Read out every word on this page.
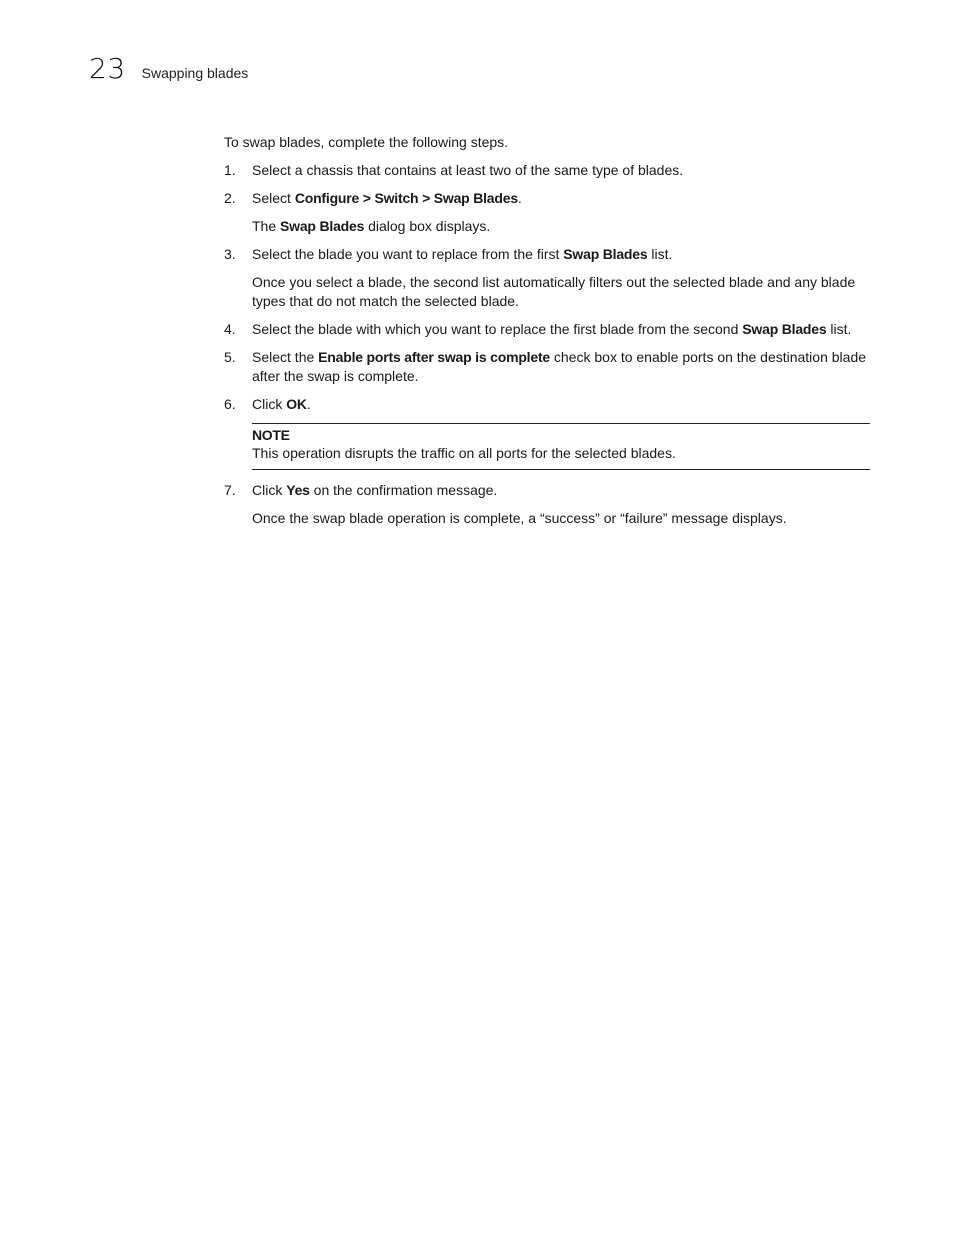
23 Swapping blades

To swap blades, complete the following steps.

1.	Select a chassis that contains at least two of the same type of blades.
2.	Select Configure > Switch > Swap Blades.

The Swap Blades dialog box displays.

3.	Select the blade you want to replace from the first Swap Blades list.

Once you select a blade, the second list automatically filters out the selected blade and any blade types that do not match the selected blade.

4.	Select the blade with which you want to replace the first blade from the second Swap Blades list.
5.	Select the Enable ports after swap is complete check box to enable ports on the destination blade after the swap is complete.
6.	Click OK.
NOTE
This operation disrupts the traffic on all ports for the selected blades.
7.	Click Yes on the confirmation message.

Once the swap blade operation is complete, a “success” or “failure” message displays.
